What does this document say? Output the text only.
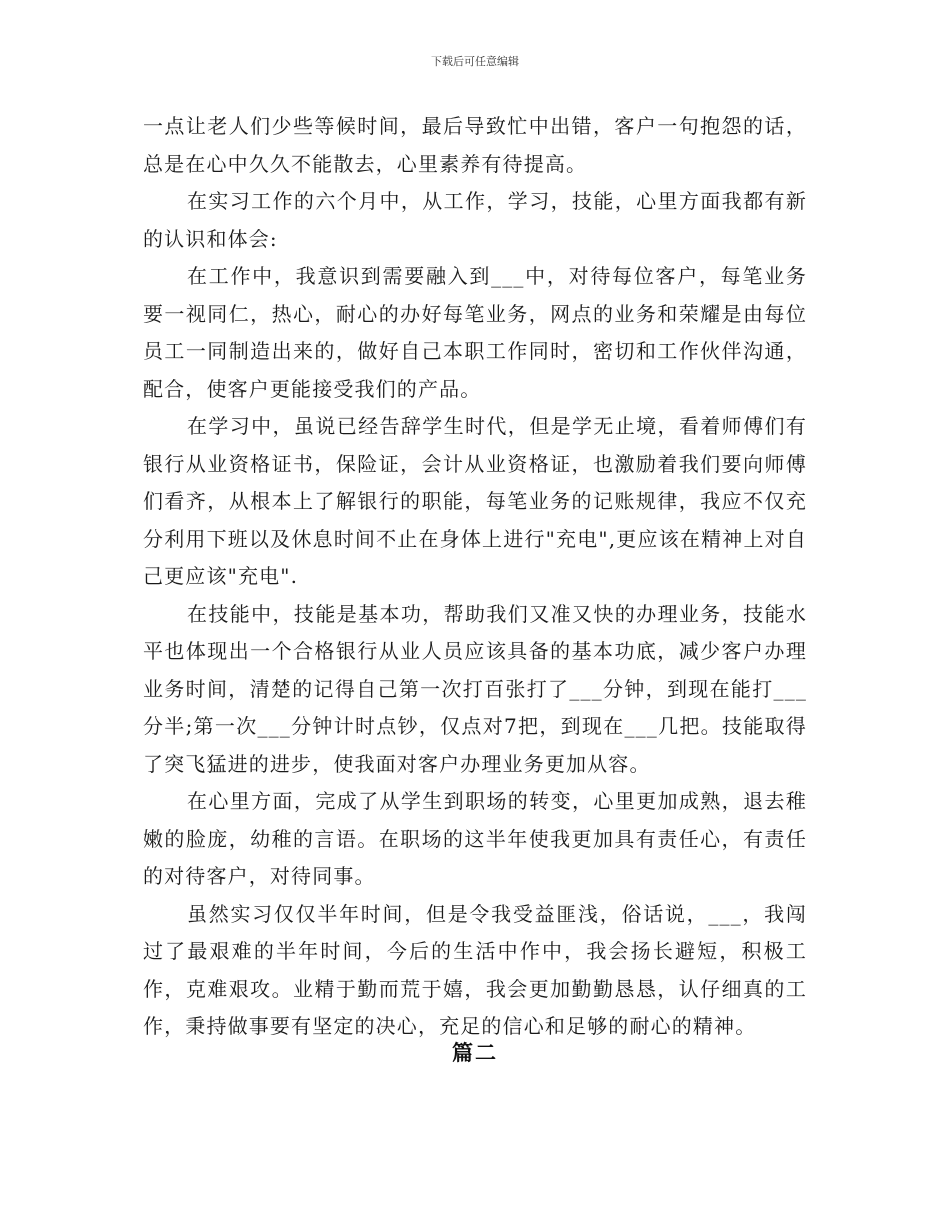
下载后可任意编辑

一点让老人们少些等候时间，最后导致忙中出错，客户一句抱怨的话，总是在心中久久不能散去，心里素养有待提高。

在实习工作的六个月中，从工作，学习，技能，心里方面我都有新的认识和体会:

在工作中，我意识到需要融入到___中，对待每位客户，每笔业务要一视同仁，热心，耐心的办好每笔业务，网点的业务和荣耀是由每位员工一同制造出来的，做好自己本职工作同时，密切和工作伙伴沟通，配合，使客户更能接受我们的产品。

在学习中，虽说已经告辞学生时代，但是学无止境，看着师傅们有银行从业资格证书，保险证，会计从业资格证，也激励着我们要向师傅们看齐，从根本上了解银行的职能，每笔业务的记账规律，我应不仅充分利用下班以及休息时间不止在身体上进行"充电",更应该在精神上对自己更应该"充电".

在技能中，技能是基本功，帮助我们又准又快的办理业务，技能水平也体现出一个合格银行从业人员应该具备的基本功底，减少客户办理业务时间，清楚的记得自己第一次打百张打了___分钟，到现在能打___分半;第一次___分钟计时点钞，仅点对7把，到现在___几把。技能取得了突飞猛进的进步，使我面对客户办理业务更加从容。

在心里方面，完成了从学生到职场的转变，心里更加成熟，退去稚嫩的脸庞，幼稚的言语。在职场的这半年使我更加具有责任心，有责任的对待客户，对待同事。

虽然实习仅仅半年时间，但是令我受益匪浅，俗话说，___，我闯过了最艰难的半年时间，今后的生活中作中，我会扬长避短，积极工作，克难艰攻。业精于勤而荒于嬉，我会更加勤勤恳恳，认仔细真的工作，秉持做事要有坚定的决心，充足的信心和足够的耐心的精神。

篇二
